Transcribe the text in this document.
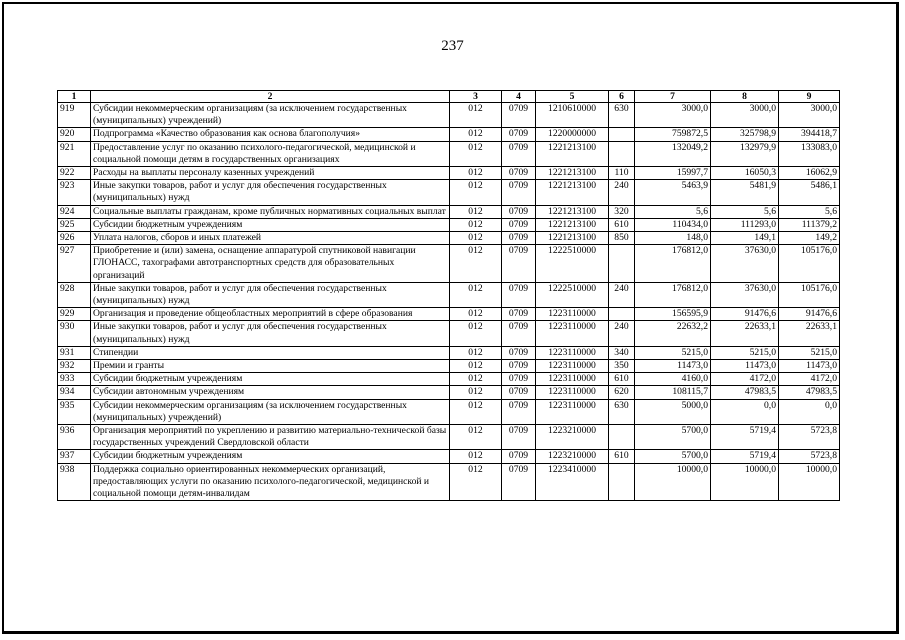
237
1	2	3	4	5	6	7	8	9
919	Субсидии некоммерческим организациям (за исключением государственных (муниципальных) учреждений)	012	0709	1210610000	630	3000,0	3000,0	3000,0
920	Подпрограмма «Качество образования как основа благополучия»	012	0709	1220000000		759872,5	325798,9	394418,7
921	Предоставление услуг по оказанию психолого-педагогической, медицинской и социальной помощи детям в государственных организациях	012	0709	1221213100		132049,2	132979,9	133083,0
922	Расходы на выплаты персоналу казенных учреждений	012	0709	1221213100	110	15997,7	16050,3	16062,9
923	Иные закупки товаров, работ и услуг для обеспечения государственных (муниципальных) нужд	012	0709	1221213100	240	5463,9	5481,9	5486,1
924	Социальные выплаты гражданам, кроме публичных нормативных социальных выплат	012	0709	1221213100	320	5,6	5,6	5,6
925	Субсидии бюджетным учреждениям	012	0709	1221213100	610	110434,0	111293,0	111379,2
926	Уплата налогов, сборов и иных платежей	012	0709	1221213100	850	148,0	149,1	149,2
927	Приобретение и (или) замена, оснащение аппаратурой спутниковой навигации ГЛОНАСС, тахографами автотранспортных средств для образовательных организаций	012	0709	1222510000		176812,0	37630,0	105176,0
928	Иные закупки товаров, работ и услуг для обеспечения государственных (муниципальных) нужд	012	0709	1222510000	240	176812,0	37630,0	105176,0
929	Организация и проведение общеобластных мероприятий в сфере образования	012	0709	1223110000		156595,9	91476,6	91476,6
930	Иные закупки товаров, работ и услуг для обеспечения государственных (муниципальных) нужд	012	0709	1223110000	240	22632,2	22633,1	22633,1
931	Стипендии	012	0709	1223110000	340	5215,0	5215,0	5215,0
932	Премии и гранты	012	0709	1223110000	350	11473,0	11473,0	11473,0
933	Субсидии бюджетным учреждениям	012	0709	1223110000	610	4160,0	4172,0	4172,0
934	Субсидии автономным учреждениям	012	0709	1223110000	620	108115,7	47983,5	47983,5
935	Субсидии некоммерческим организациям (за исключением государственных (муниципальных) учреждений)	012	0709	1223110000	630	5000,0	0,0	0,0
936	Организация мероприятий по укреплению и развитию материально-технической базы государственных учреждений Свердловской области	012	0709	1223210000		5700,0	5719,4	5723,8
937	Субсидии бюджетным учреждениям	012	0709	1223210000	610	5700,0	5719,4	5723,8
938	Поддержка социально ориентированных некоммерческих организаций, предоставляющих услуги по оказанию психолого-педагогической, медицинской и социальной помощи детям-инвалидам	012	0709	1223410000		10000,0	10000,0	10000,0
